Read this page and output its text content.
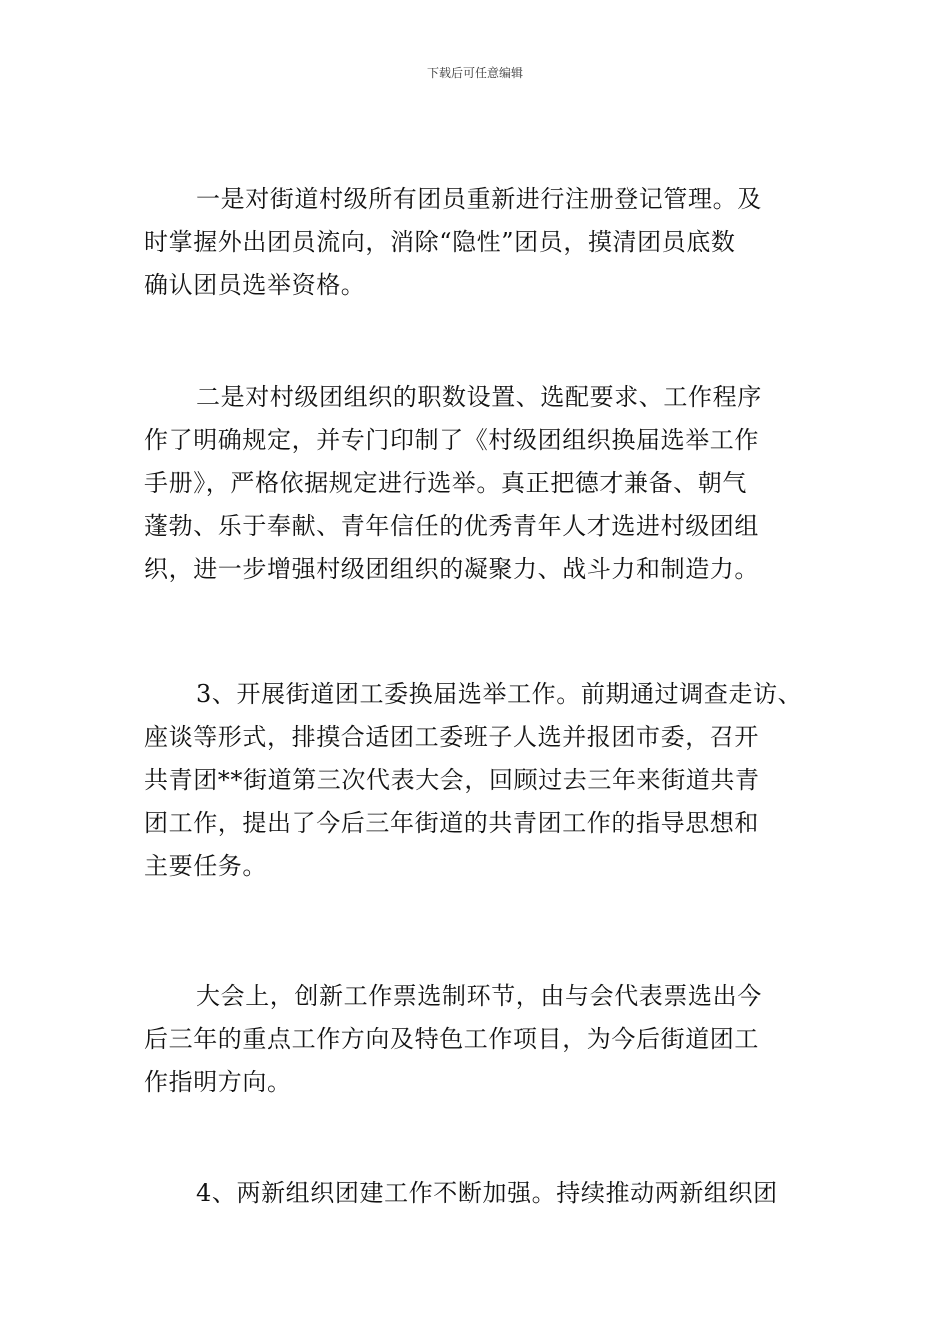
下载后可任意编辑
一是对街道村级所有团员重新进行注册登记管理。及
时掌握外出团员流向，消除“隐性”团员，摸清团员底数
确认团员选举资格。
二是对村级团组织的职数设置、选配要求、工作程序
作了明确规定，并专门印制了《村级团组织换届选举工作
手册》，严格依据规定进行选举。真正把德才兼备、朝气
蓬勃、乐于奉献、青年信任的优秀青年人才选进村级团组
织，进一步增强村级团组织的凝聚力、战斗力和制造力。
3、开展街道团工委换届选举工作。前期通过调查走访、
座谈等形式，排摸合适团工委班子人选并报团市委，召开
共青团**街道第三次代表大会，回顾过去三年来街道共青
团工作，提出了今后三年街道的共青团工作的指导思想和
主要任务。
大会上，创新工作票选制环节，由与会代表票选出今
后三年的重点工作方向及特色工作项目，为今后街道团工
作指明方向。
4、两新组织团建工作不断加强。持续推动两新组织团
